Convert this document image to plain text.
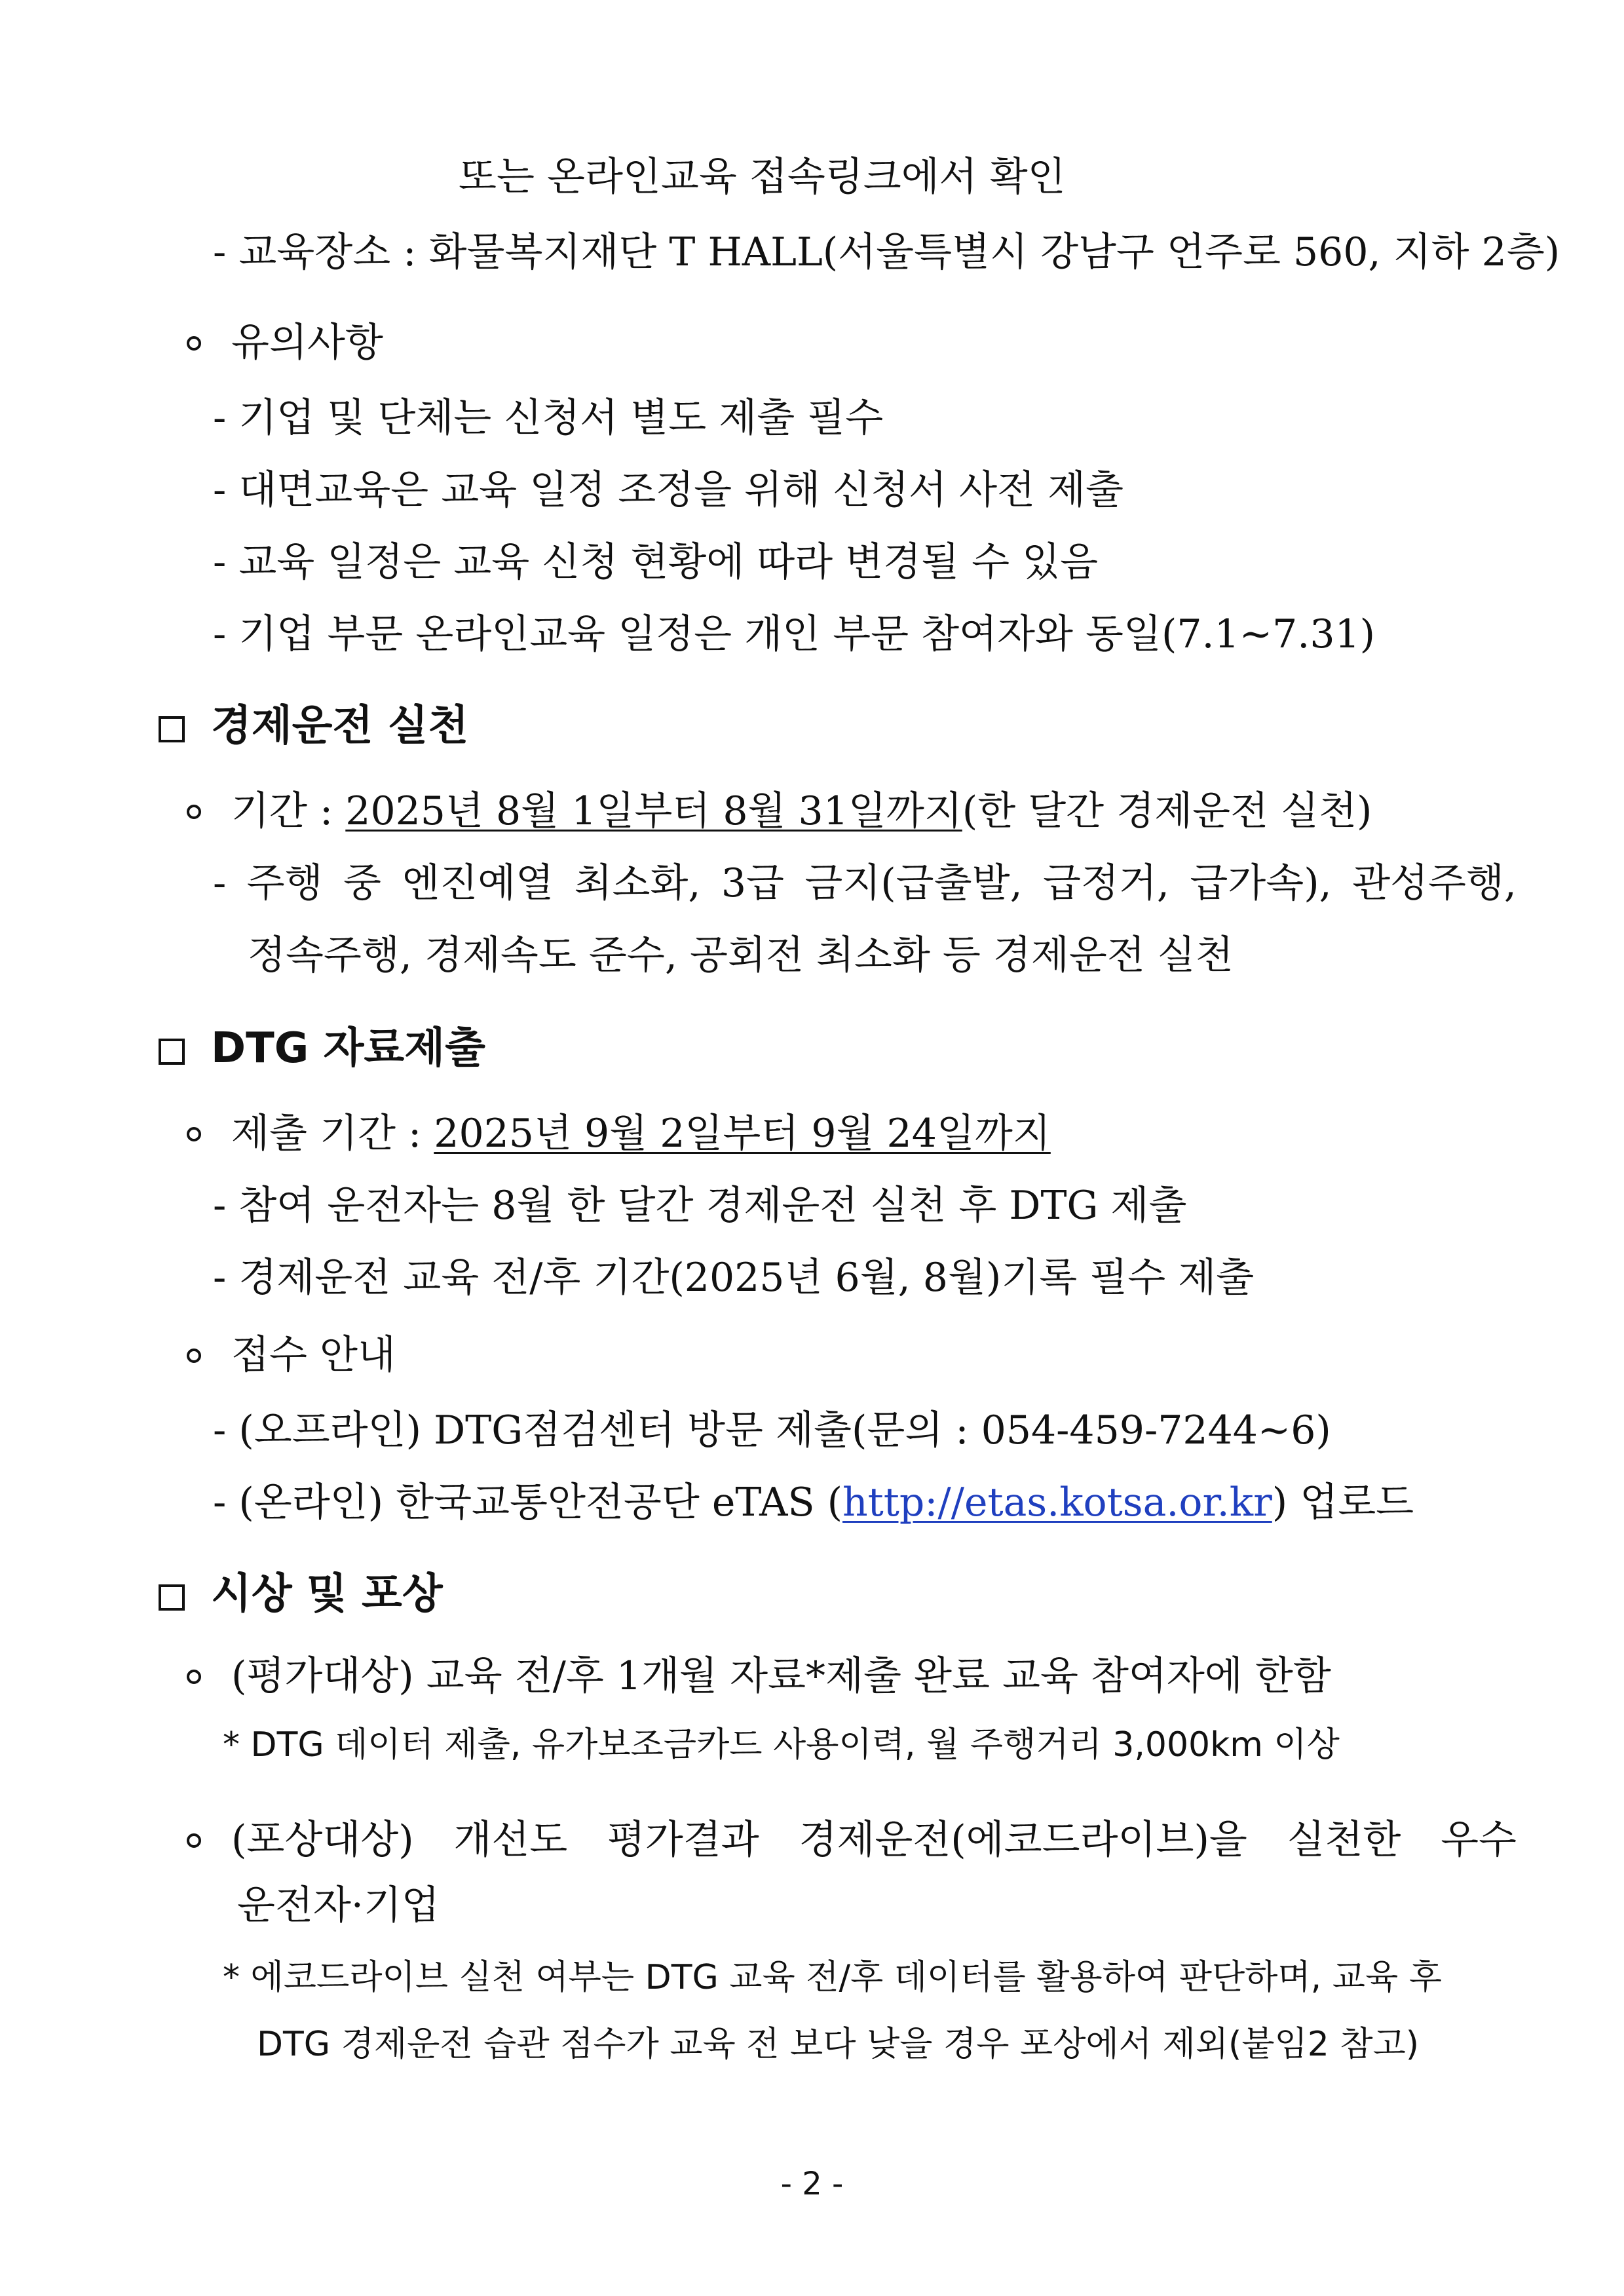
또는 온라인교육 접속링크에서 확인
- 교육장소 : 화물복지재단 T HALL(서울특별시 강남구 언주로 560, 지하 2층)
유의사항
- 기업 및 단체는 신청서 별도 제출 필수
- 대면교육은 교육 일정 조정을 위해 신청서 사전 제출
- 교육 일정은 교육 신청 현황에 따라 변경될 수 있음
- 기업 부문 온라인교육 일정은 개인 부문 참여자와 동일(7.1~7.31)
경제운전 실천
기간 : 2025년 8월 1일부터 8월 31일까지(한 달간 경제운전 실천)
- 주행 중 엔진예열 최소화, 3급 금지(급출발, 급정거, 급가속), 관성주행,
정속주행, 경제속도 준수, 공회전 최소화 등 경제운전 실천
DTG 자료제출
제출 기간 : 2025년 9월 2일부터 9월 24일까지
- 참여 운전자는 8월 한 달간 경제운전 실천 후 DTG 제출
- 경제운전 교육 전/후 기간(2025년 6월, 8월)기록 필수 제출
접수 안내
- (오프라인) DTG점검센터 방문 제출(문의 : 054-459-7244~6)
- (온라인) 한국교통안전공단 eTAS (http://etas.kotsa.or.kr) 업로드
시상 및 포상
(평가대상) 교육 전/후 1개월 자료*제출 완료 교육 참여자에 한함
* DTG 데이터 제출, 유가보조금카드 사용이력, 월 주행거리 3,000km 이상
(포상대상) 개선도 평가결과 경제운전(에코드라이브)을 실천한 우수
운전자·기업
* 에코드라이브 실천 여부는 DTG 교육 전/후 데이터를 활용하여 판단하며, 교육 후
DTG 경제운전 습관 점수가 교육 전 보다 낮을 경우 포상에서 제외(붙임2 참고)
- 2 -
